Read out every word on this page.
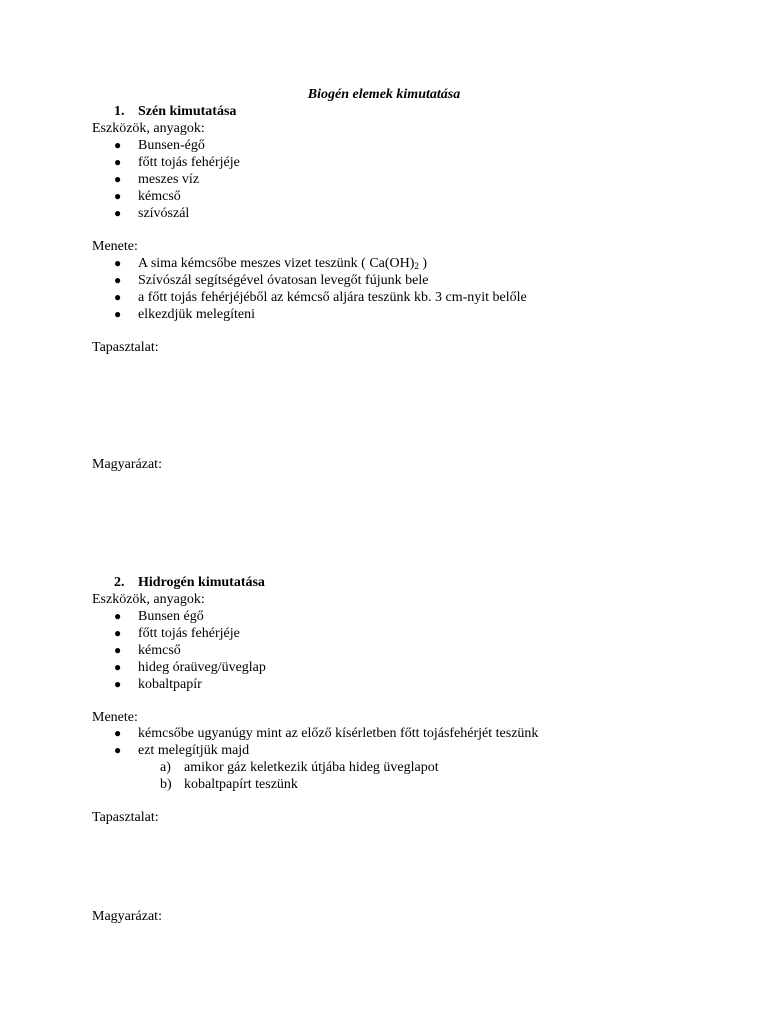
Biogén elemek kimutatása
1. Szén kimutatása
Eszközök, anyagok:
● Bunsen-égő
● főtt tojás fehérjéje
● meszes víz
● kémcső
● szívószál
Menete:
● A sima kémcsőbe meszes vizet teszünk ( $Ca(OH)_2$ )
● Szívószál segítségével óvatosan levegőt fújunk bele
● a főtt tojás fehérjéjéből az kémcső aljára teszünk kb. 3 cm-nyit belőle
● elkezdjük melegíteni
Tapasztalat:
Magyarázat:
2. Hidrogén kimutatása
Eszközök, anyagok:
● Bunsen égő
● főtt tojás fehérjéje
● kémcső
● hideg óraüveg/üveglap
● kobaltpapír
Menete:
● kémcsőbe ugyanúgy mint az előző kísérletben főtt tojásfehérjét teszünk
● ezt melegítjük majd
a) amikor gáz keletkezik útjába hideg üveglapot
b) kobaltpapírt teszünk
Tapasztalat:
Magyarázat:
